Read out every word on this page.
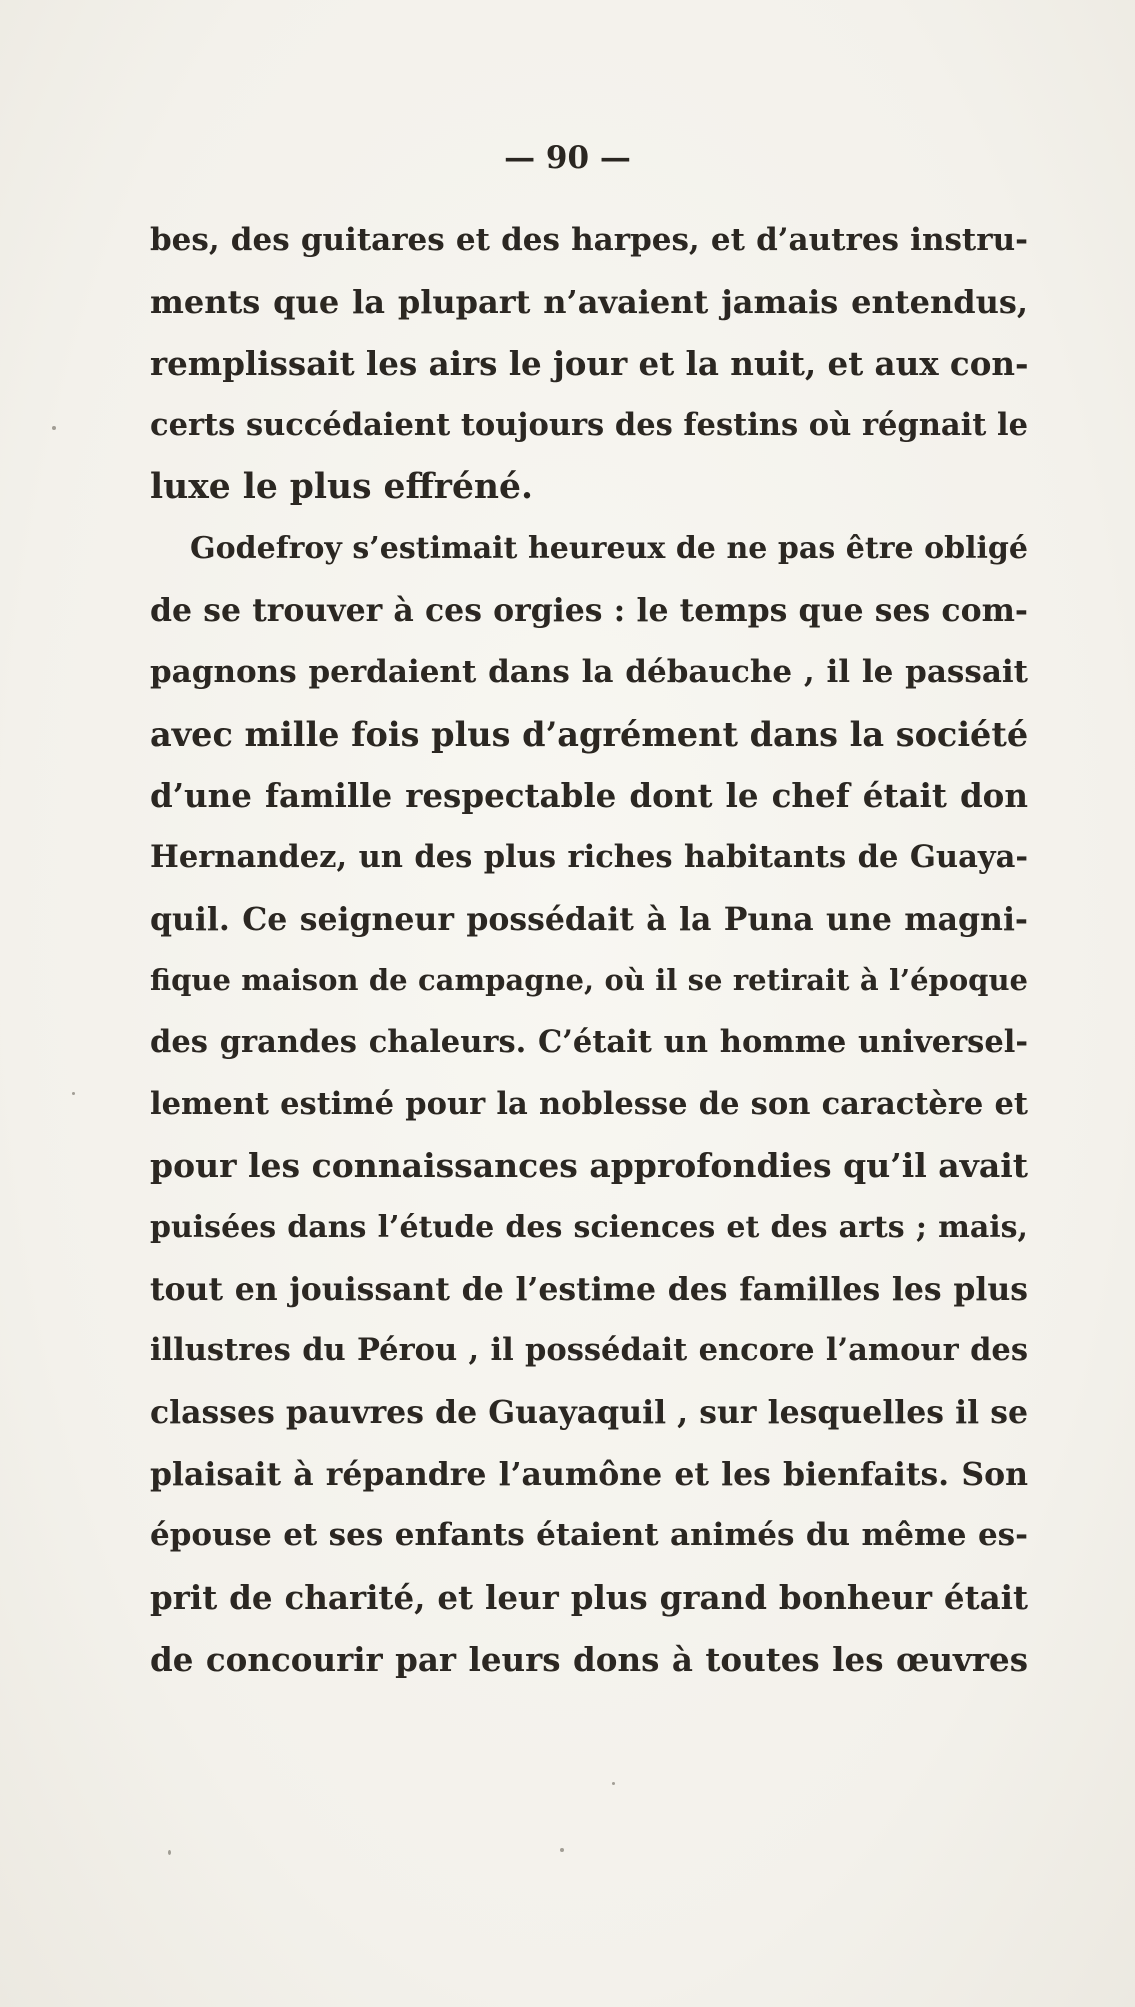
— 90 —
bes, des guitares et des harpes, et d’autres instru-
ments que la plupart n’avaient jamais entendus,
remplissait les airs le jour et la nuit, et aux con-
certs succédaient toujours des festins où régnait le
luxe le plus effréné.
Godefroy s’estimait heureux de ne pas être obligé
de se trouver à ces orgies : le temps que ses com-
pagnons perdaient dans la débauche , il le passait
avec mille fois plus d’agrément dans la société
d’une famille respectable dont le chef était don
Hernandez, un des plus riches habitants de Guaya-
quil. Ce seigneur possédait à la Puna une magni-
fique maison de campagne, où il se retirait à l’époque
des grandes chaleurs. C’était un homme universel-
lement estimé pour la noblesse de son caractère et
pour les connaissances approfondies qu’il avait
puisées dans l’étude des sciences et des arts ; mais,
tout en jouissant de l’estime des familles les plus
illustres du Pérou , il possédait encore l’amour des
classes pauvres de Guayaquil , sur lesquelles il se
plaisait à répandre l’aumône et les bienfaits. Son
épouse et ses enfants étaient animés du même es-
prit de charité, et leur plus grand bonheur était
de concourir par leurs dons à toutes les œuvres
